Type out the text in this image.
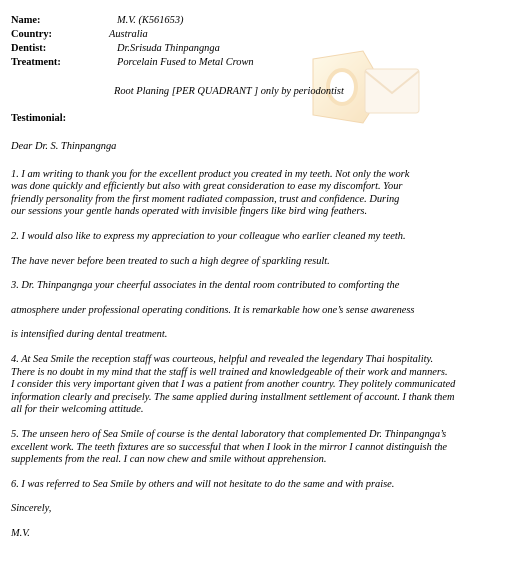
Name:	M.V. (K561653)
Country:	Australia
Dentist:	Dr.Srisuda Thinpangnga
Treatment:	Porcelain Fused to Metal Crown
Root Planing [PER QUADRANT ] only by periodontist
Testimonial:

Dear Dr. S. Thinpangnga

1. I am writing to thank you for the excellent product you created in my teeth. Not only the work

was done quickly and efficiently but also with great consideration to ease my discomfort. Your

friendly personality from the first moment radiated compassion, trust and confidence. During

our sessions your gentle hands operated with invisible fingers like bird wing feathers.

2. I would also like to express my appreciation to your colleague who earlier cleaned my teeth.

The have never before been treated to such a high degree of sparkling result.

3. Dr. Thinpangnga your cheerful associates in the dental room contributed to comforting the

atmosphere under professional operating conditions. It is remarkable how one’s sense awareness

is intensified during dental treatment.

4. At Sea Smile the reception staff was courteous, helpful and revealed the legendary Thai hospitality.

There is no doubt in my mind that the staff is well trained and knowledgeable of their work and manners.

I consider this very important given that I was a patient from another country. They politely communicated

information clearly and precisely. The same applied during installment settlement of account. I thank them

all for their welcoming attitude.

5. The unseen hero of Sea Smile of course is the dental laboratory that complemented Dr. Thinpangnga’s

excellent work. The teeth fixtures are so successful that when I look in the mirror I cannot distinguish the

supplements from the real. I can now chew and smile without apprehension.

6. I was referred to Sea Smile by others and will not hesitate to do the same and with praise.

Sincerely,

M.V.
